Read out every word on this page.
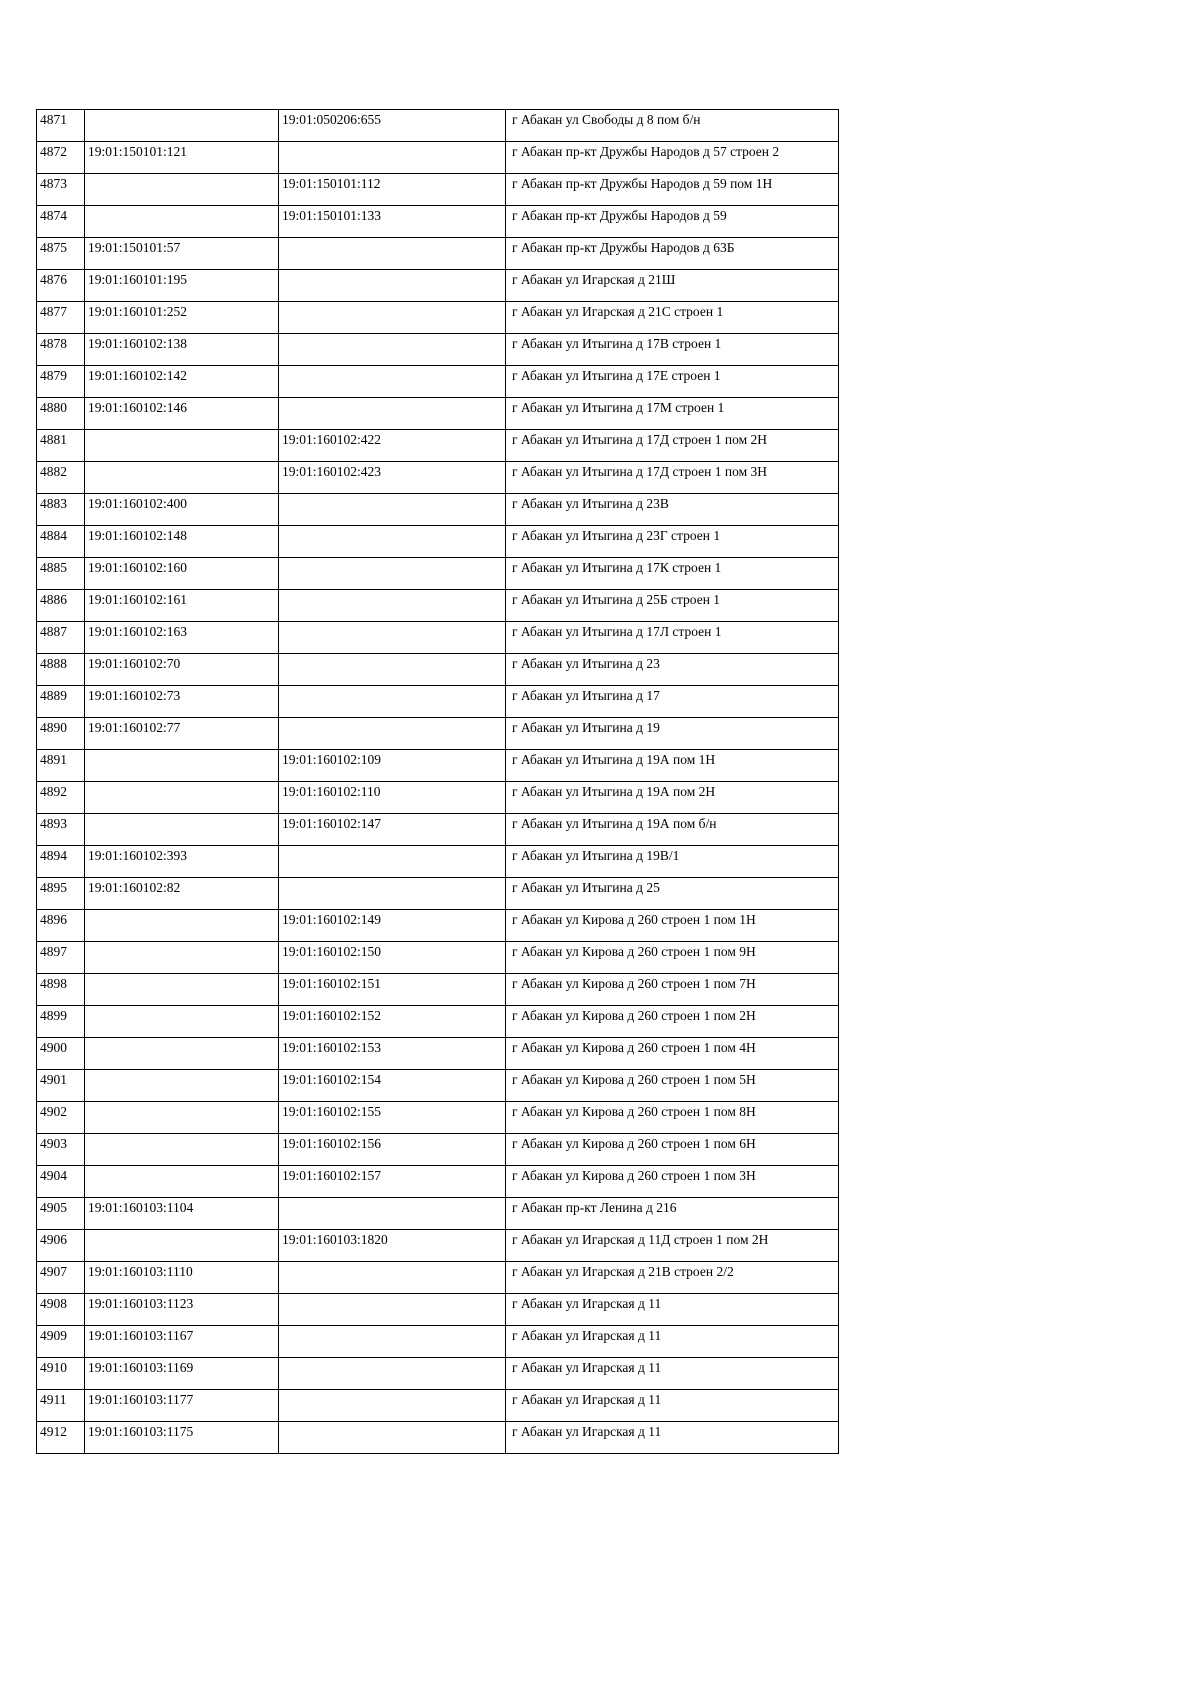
4871		19:01:050206:655	г Абакан ул Свободы д 8 пом б/н
4872	19:01:150101:121		г Абакан пр-кт Дружбы Народов д 57 строен 2
4873		19:01:150101:112	г Абакан пр-кт Дружбы Народов д 59 пом 1Н
4874		19:01:150101:133	г Абакан пр-кт Дружбы Народов д 59
4875	19:01:150101:57		г Абакан пр-кт Дружбы Народов д 63Б
4876	19:01:160101:195		г Абакан ул Игарская д 21Ш
4877	19:01:160101:252		г Абакан ул Игарская д 21С строен 1
4878	19:01:160102:138		г Абакан ул Итыгина д 17В строен 1
4879	19:01:160102:142		г Абакан ул Итыгина д 17Е строен 1
4880	19:01:160102:146		г Абакан ул Итыгина д 17М строен 1
4881		19:01:160102:422	г Абакан ул Итыгина д 17Д строен 1 пом 2Н
4882		19:01:160102:423	г Абакан ул Итыгина д 17Д строен 1 пом 3Н
4883	19:01:160102:400		г Абакан ул Итыгина д 23В
4884	19:01:160102:148		г Абакан ул Итыгина д 23Г строен 1
4885	19:01:160102:160		г Абакан ул Итыгина д 17К строен 1
4886	19:01:160102:161		г Абакан ул Итыгина д 25Б строен 1
4887	19:01:160102:163		г Абакан ул Итыгина д 17Л строен 1
4888	19:01:160102:70		г Абакан ул Итыгина д 23
4889	19:01:160102:73		г Абакан ул Итыгина д 17
4890	19:01:160102:77		г Абакан ул Итыгина д 19
4891		19:01:160102:109	г Абакан ул Итыгина д 19А пом 1Н
4892		19:01:160102:110	г Абакан ул Итыгина д 19А пом 2Н
4893		19:01:160102:147	г Абакан ул Итыгина д 19А пом б/н
4894	19:01:160102:393		г Абакан ул Итыгина д 19В/1
4895	19:01:160102:82		г Абакан ул Итыгина д 25
4896		19:01:160102:149	г Абакан ул Кирова д 260 строен 1 пом 1Н
4897		19:01:160102:150	г Абакан ул Кирова д 260 строен 1 пом 9Н
4898		19:01:160102:151	г Абакан ул Кирова д 260 строен 1 пом 7Н
4899		19:01:160102:152	г Абакан ул Кирова д 260 строен 1 пом 2Н
4900		19:01:160102:153	г Абакан ул Кирова д 260 строен 1 пом 4Н
4901		19:01:160102:154	г Абакан ул Кирова д 260 строен 1 пом 5Н
4902		19:01:160102:155	г Абакан ул Кирова д 260 строен 1 пом 8Н
4903		19:01:160102:156	г Абакан ул Кирова д 260 строен 1 пом 6Н
4904		19:01:160102:157	г Абакан ул Кирова д 260 строен 1 пом 3Н
4905	19:01:160103:1104		г Абакан пр-кт Ленина д 216
4906		19:01:160103:1820	г Абакан ул Игарская д 11Д строен 1 пом 2Н
4907	19:01:160103:1110		г Абакан ул Игарская д 21В строен 2/2
4908	19:01:160103:1123		г Абакан ул Игарская д 11
4909	19:01:160103:1167		г Абакан ул Игарская д 11
4910	19:01:160103:1169		г Абакан ул Игарская д 11
4911	19:01:160103:1177		г Абакан ул Игарская д 11
4912	19:01:160103:1175		г Абакан ул Игарская д 11
